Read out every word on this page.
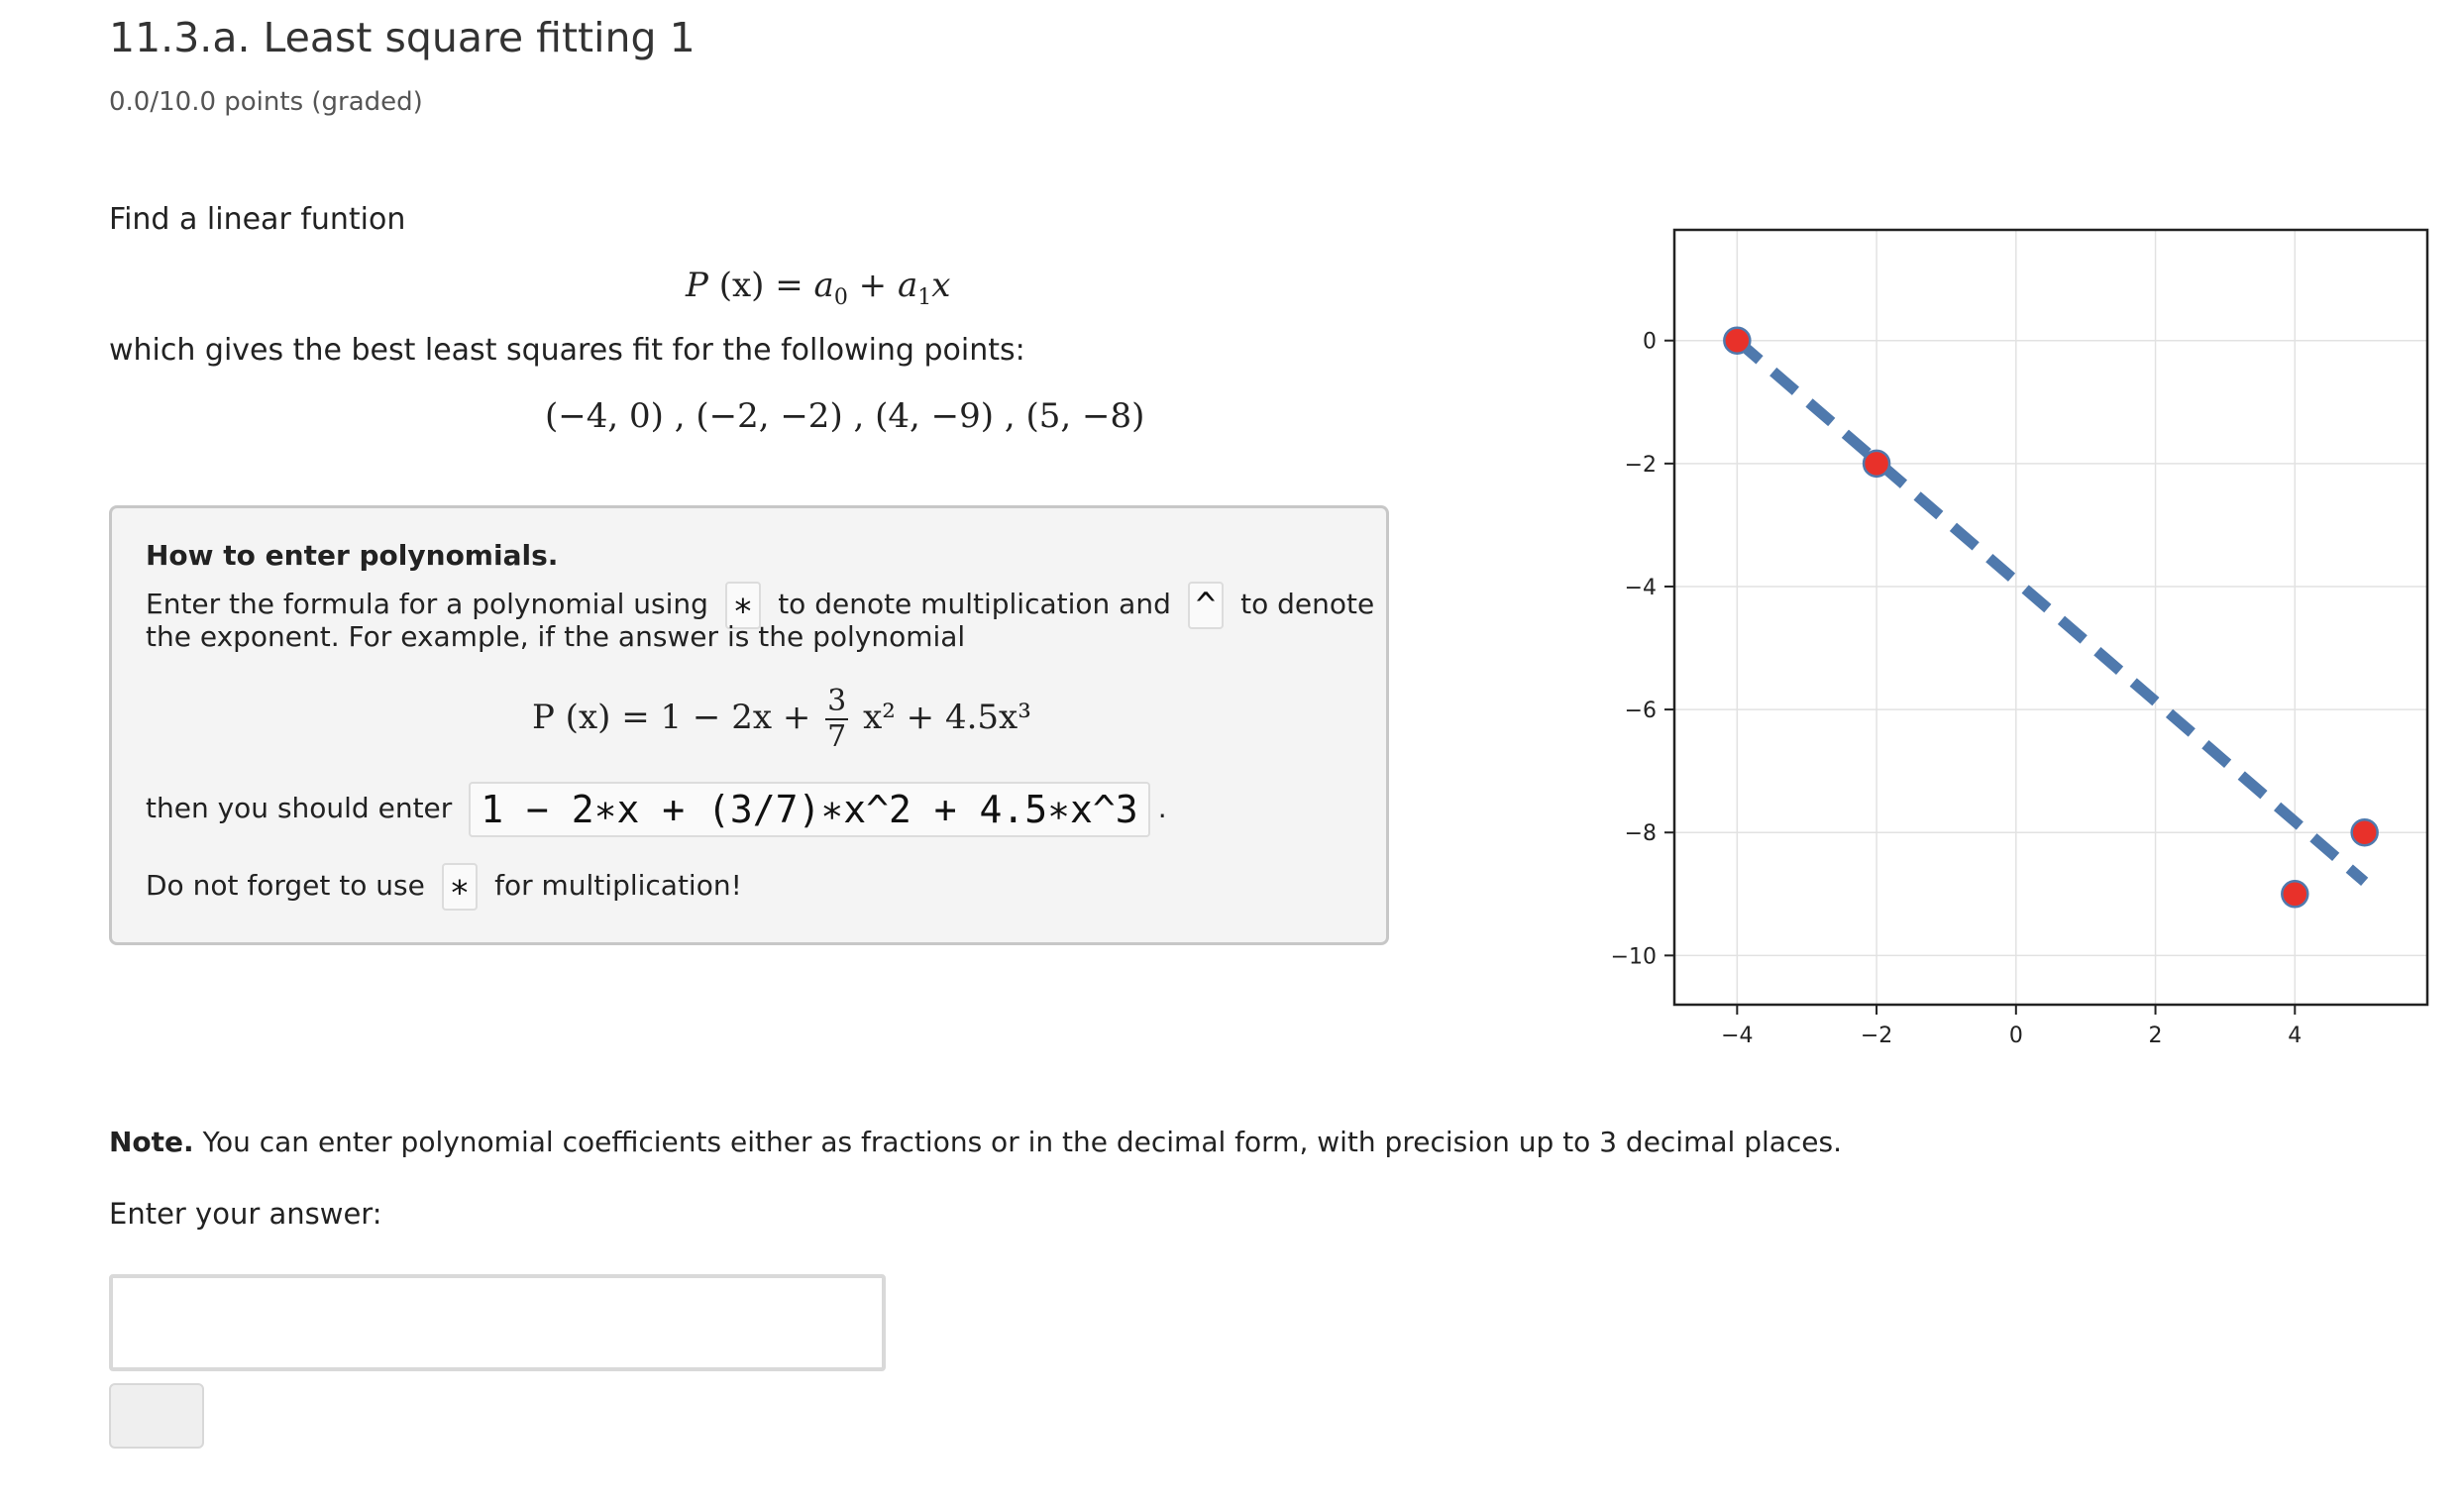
11.3.a. Least square fitting 1
0.0/10.0 points (graded)
Find a linear funtion
P $(x) = a_0 + a_1x$
which gives the best least squares fit for the following points:
(−4, 0) , (−2, −2) , (4, −9) , (5, −8)
How to enter polynomials.
Enter the formula for a polynomial using ∗ to denote multiplication and ^ to denote
the exponent. For example, if the answer is the polynomial
P $(x) = 1 - 2x + \frac{3}{7} x^2 + 4.5x^3$
then you should enter 1 − 2∗x + (3/7)∗x^2 + 4.5∗x^3 .
Do not forget to use ∗ for multiplication!
−4	−2	0	2	4
0
−2
−4
−6
−8
−10
Note. You can enter polynomial coefficients either as fractions or in the decimal form, with precision up to 3 decimal places.
Enter your answer:
